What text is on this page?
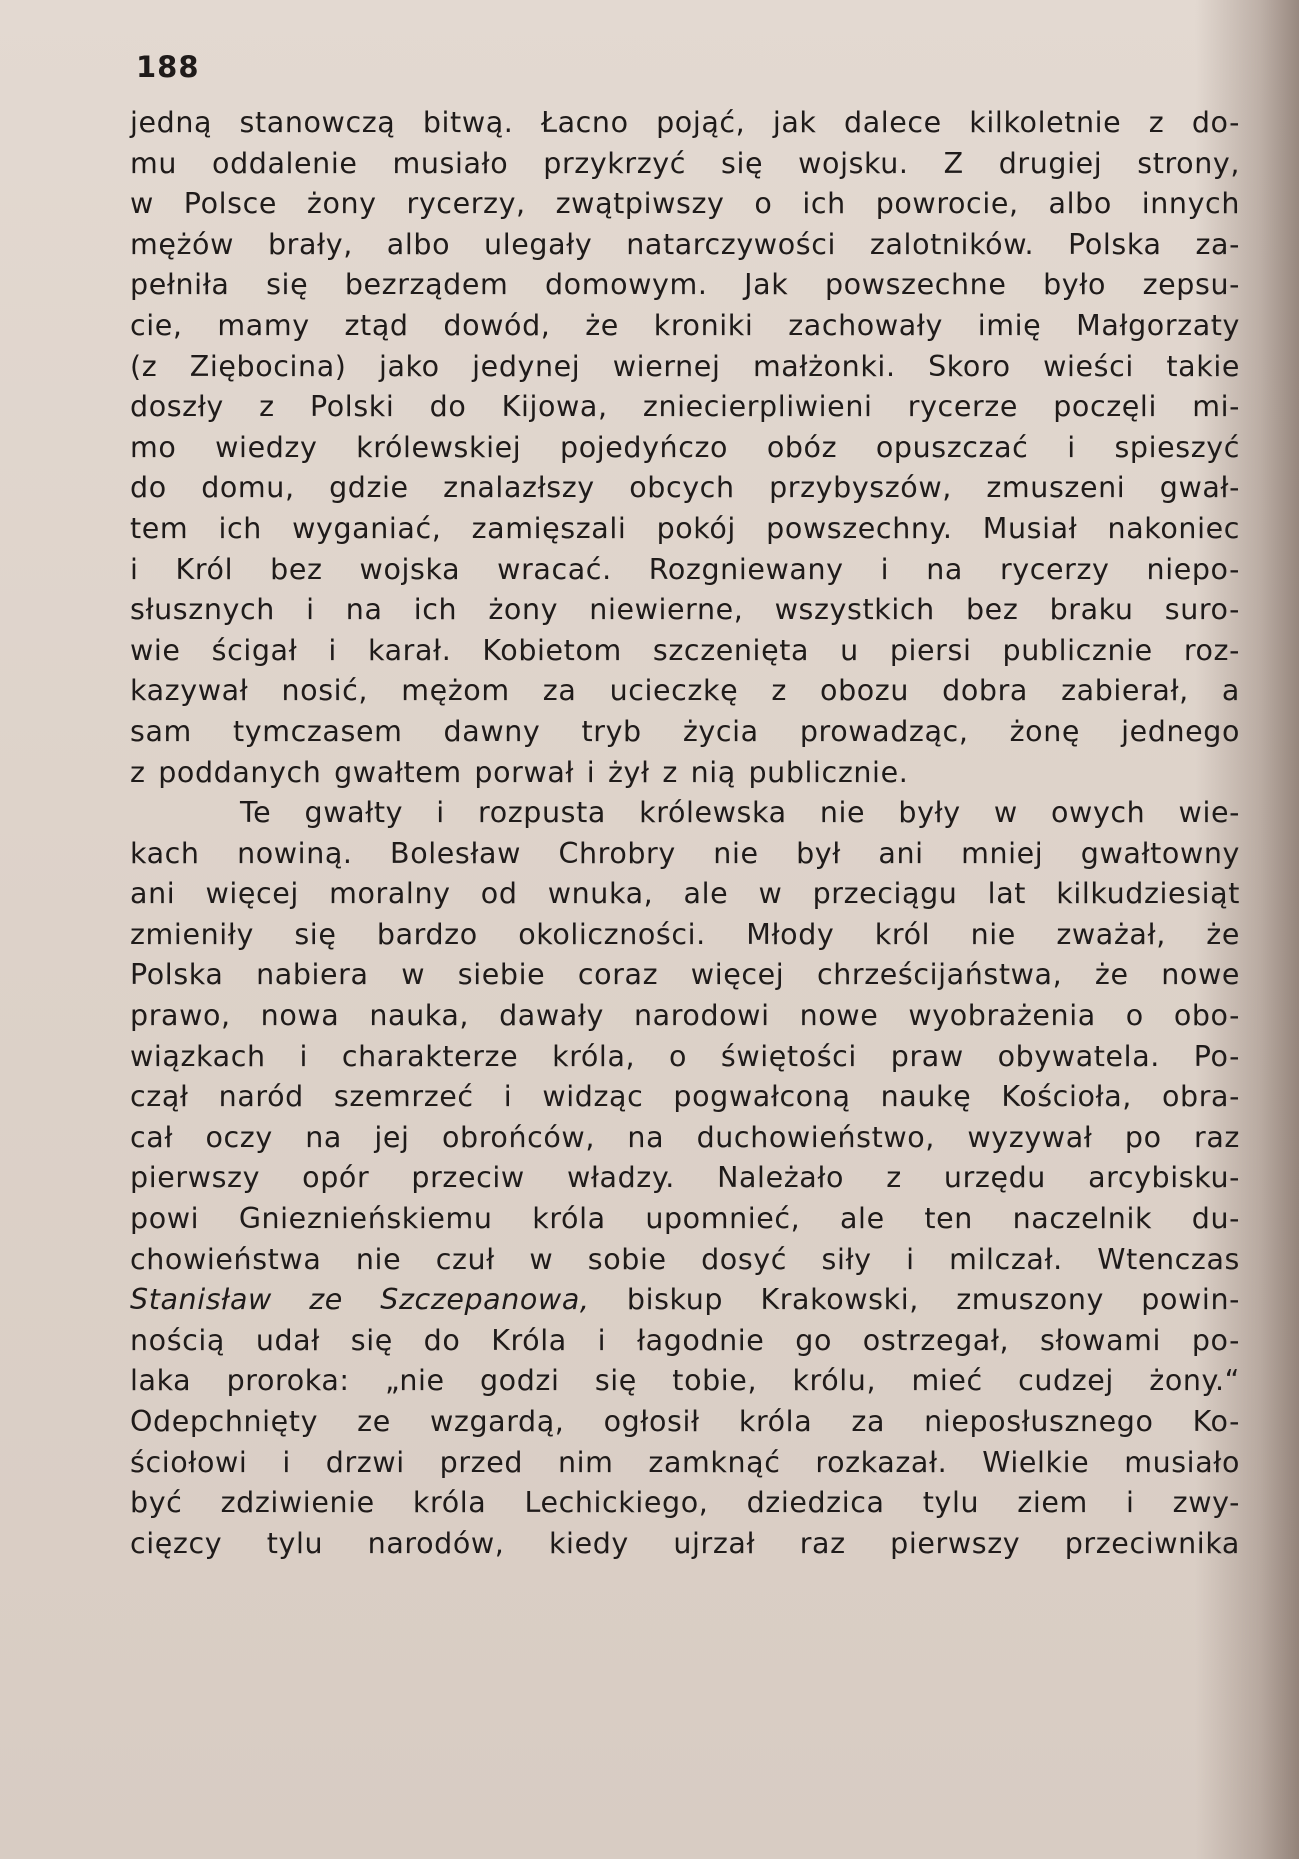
188
jedną stanowczą bitwą. Łacno pojąć, jak dalece kilkoletnie z do-
mu oddalenie musiało przykrzyć się wojsku. Z drugiej strony,
w Polsce żony rycerzy, zwątpiwszy o ich powrocie, albo innych
mężów brały, albo ulegały natarczywości zalotników. Polska za-
pełniła się bezrządem domowym. Jak powszechne było zepsu-
cie, mamy ztąd dowód, że kroniki zachowały imię Małgorzaty
(z Ziębocina) jako jedynej wiernej małżonki. Skoro wieści takie
doszły z Polski do Kijowa, zniecierpliwieni rycerze poczęli mi-
mo wiedzy królewskiej pojedyńczo obóz opuszczać i spieszyć
do domu, gdzie znalazłszy obcych przybyszów, zmuszeni gwał-
tem ich wyganiać, zamięszali pokój powszechny. Musiał nakoniec
i Król bez wojska wracać. Rozgniewany i na rycerzy niepo-
słusznych i na ich żony niewierne, wszystkich bez braku suro-
wie ścigał i karał. Kobietom szczenięta u piersi publicznie roz-
kazywał nosić, mężom za ucieczkę z obozu dobra zabierał, a
sam tymczasem dawny tryb życia prowadząc, żonę jednego
z poddanych gwałtem porwał i żył z nią publicznie.
Te gwałty i rozpusta królewska nie były w owych wie-
kach nowiną. Bolesław Chrobry nie był ani mniej gwałtowny
ani więcej moralny od wnuka, ale w przeciągu lat kilkudziesiąt
zmieniły się bardzo okoliczności. Młody król nie zważał, że
Polska nabiera w siebie coraz więcej chrześcijaństwa, że nowe
prawo, nowa nauka, dawały narodowi nowe wyobrażenia o obo-
wiązkach i charakterze króla, o świętości praw obywatela. Po-
czął naród szemrzeć i widząc pogwałconą naukę Kościoła, obra-
cał oczy na jej obrońców, na duchowieństwo, wyzywał po raz
pierwszy opór przeciw władzy. Należało z urzędu arcybisku-
powi Gnieznieńskiemu króla upomnieć, ale ten naczelnik du-
chowieństwa nie czuł w sobie dosyć siły i milczał. Wtenczas
Stanisław ze Szczepanowa, biskup Krakowski, zmuszony powin-
nością udał się do Króla i łagodnie go ostrzegał, słowami po-
laka proroka: „nie godzi się tobie, królu, mieć cudzej żony.“
Odepchnięty ze wzgardą, ogłosił króla za nieposłusznego Ko-
ściołowi i drzwi przed nim zamknąć rozkazał. Wielkie musiało
być zdziwienie króla Lechickiego, dziedzica tylu ziem i zwy-
cięzcy tylu narodów, kiedy ujrzał raz pierwszy przeciwnika
